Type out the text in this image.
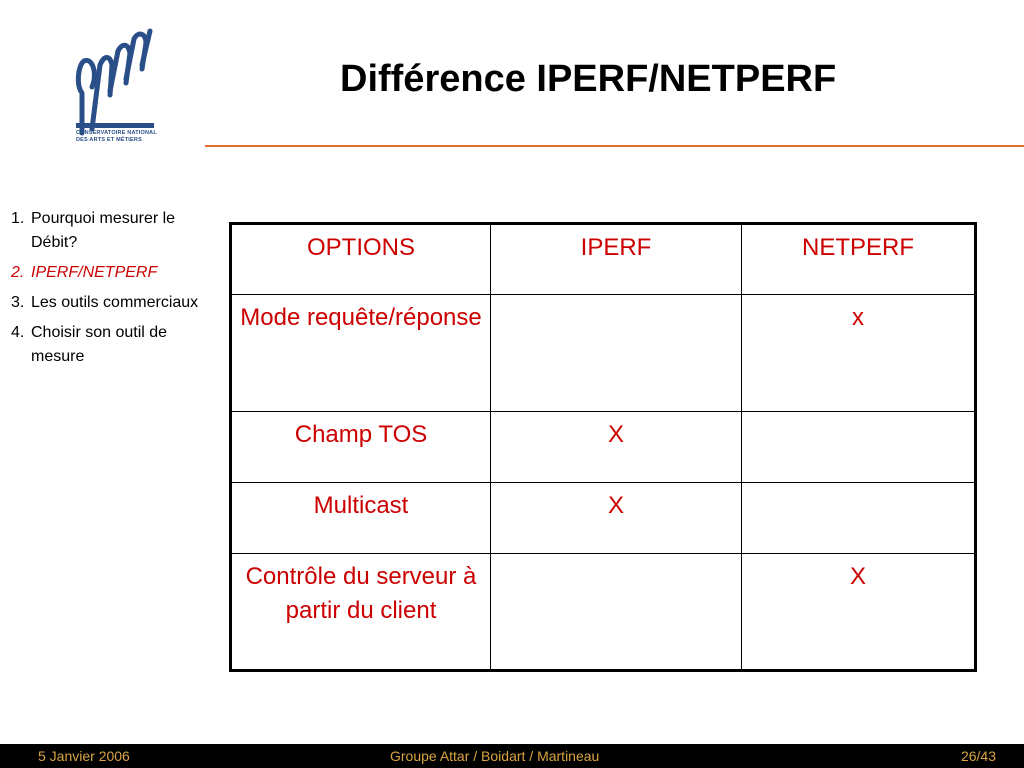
CONSERVATOIRE NATIONAL
DES ARTS ET MÉTIERS
Différence IPERF/NETPERF
1. Pourquoi mesurer le Débit?
2. IPERF/NETPERF
3. Les outils commerciaux
4. Choisir son outil de mesure
OPTIONS	IPERF	NETPERF
Mode requête/réponse		x
Champ TOS	X	
Multicast	X	
Contrôle du serveur à partir du client		X
5 Janvier 2006	Groupe Attar / Boidart / Martineau	26/43
